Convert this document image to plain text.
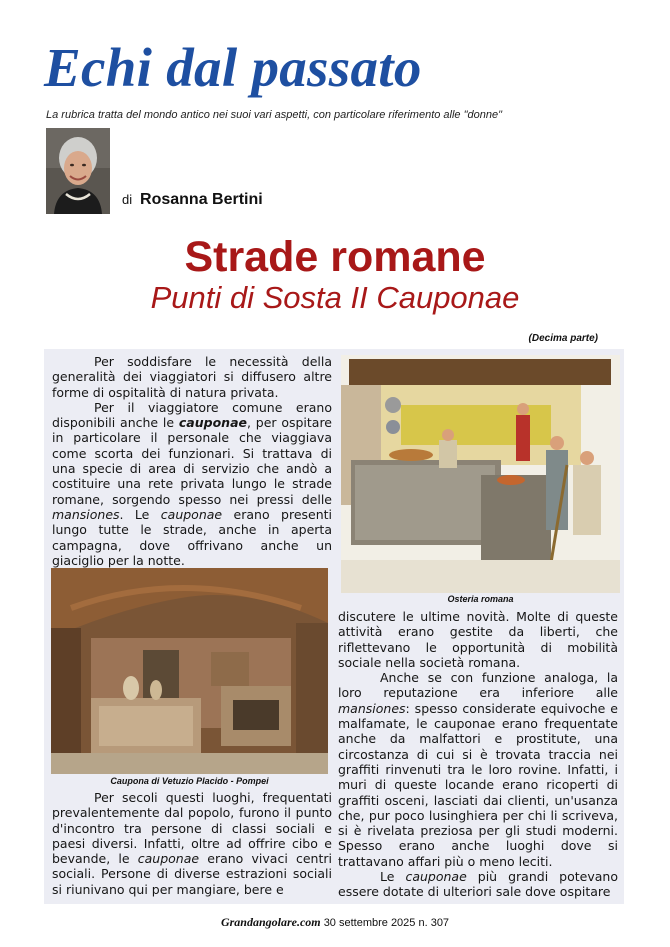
Echi dal passato
La rubrica tratta del mondo antico nei suoi vari aspetti, con particolare riferimento alle "donne"
di Rosanna Bertini
Strade romane
Punti di Sosta II Cauponae
(Decima parte)

Per soddisfare le necessità della generalità dei viaggiatori si diffusero altre forme di ospitalità di natura privata.

Per il viaggiatore comune erano disponibili anche le cauponae, per ospitare in particolare il personale che viaggiava come scorta dei funzionari. Si trattava di una specie di area di servizio che andò a costituire una rete privata lungo le strade romane, sorgendo spesso nei pressi delle mansiones. Le cauponae erano presenti lungo tutte le strade, anche in aperta campagna, dove offrivano anche un giaciglio per la notte.

Osteria romana
Caupona di Vetuzio Placido - Pompei

Per secoli questi luoghi, frequentati prevalentemente dal popolo, furono il punto d'incontro tra persone di classi sociali e paesi diversi. Infatti, oltre ad offrire cibo e bevande, le cauponae erano vivaci centri sociali. Persone di diverse estrazioni sociali si riunivano qui per mangiare, bere e

discutere le ultime novità. Molte di queste attività erano gestite da liberti, che riflettevano le opportunità di mobilità sociale nella società romana.

Anche se con funzione analoga, la loro reputazione era inferiore alle mansiones: spesso considerate equivoche e malfamate, le cauponae erano frequentate anche da malfattori e prostitute, una circostanza di cui si è trovata traccia nei graffiti rinvenuti tra le loro rovine. Infatti, i muri di queste locande erano ricoperti di graffiti osceni, lasciati dai clienti, un'usanza che, pur poco lusinghiera per chi li scriveva, si è rivelata preziosa per gli studi moderni. Spesso erano anche luoghi dove si trattavano affari più o meno leciti.

Le cauponae più grandi potevano essere dotate di ulteriori sale dove ospitare

Grandangolare.com 30 settembre 2025 n. 307
